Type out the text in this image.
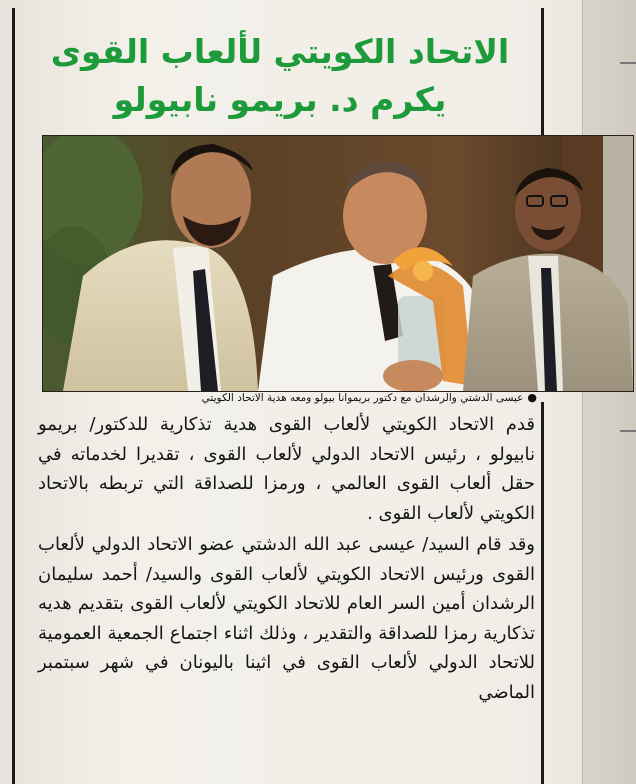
الاتحاد الكويتي لألعاب القوى
يكرم د. بريمو نابيولو
●عيسى الدشتي والرشدان مع دكتور بريموانا بيولو ومعه هدية الاتحاد الكويتي

قدم الاتحاد الكويتي لألعاب القوى هدية تذكارية للدكتور/ بريمو نابيولو ، رئيس الاتحاد الدولي لألعاب القوى ، تقديرا لخدماته في حقل ألعاب القوى العالمي ، ورمزا للصداقة التي تربطه بالاتحاد الكويتي لألعاب القوى .

وقد قام السيد/ عيسى عبد الله الدشتي عضو الاتحاد الدولي لألعاب القوى ورئيس الاتحاد الكويتي لألعاب القوى والسيد/ أحمد سليمان الرشدان أمين السر العام للاتحاد الكويتي لألعاب القوى بتقديم هديه تذكارية رمزا للصداقة والتقدير ، وذلك اثناء اجتماع الجمعية العمومية للاتحاد الدولي لألعاب القوى في اثينا باليونان في شهر سبتمبر الماضي
